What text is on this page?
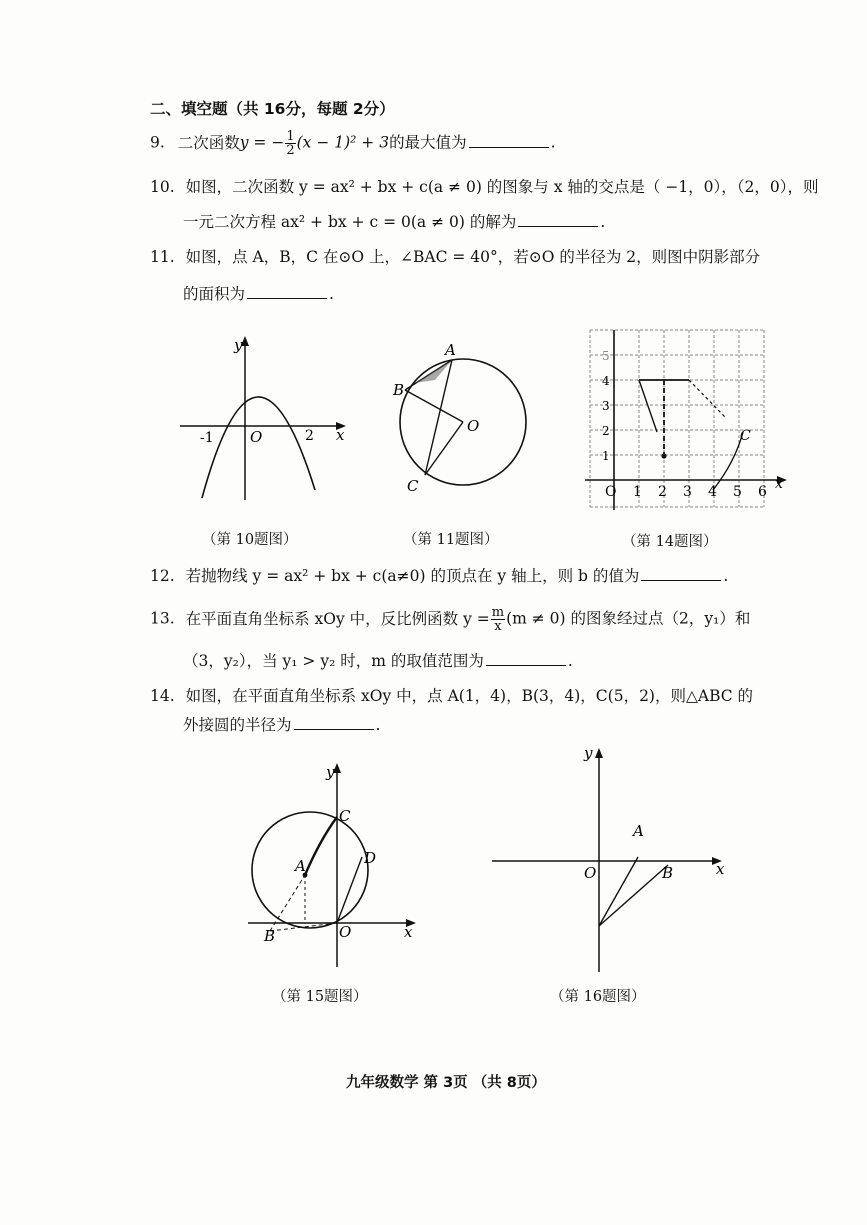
二、填空题（共 16分，每题 2分）
9. 二次函数y = − $\frac{1}{2} (x - 1)^2 + 3$的最大值为	.
10. 如图，二次函数 y = ax² + bx + c(a ≠ 0) 的图象与 x 轴的交点是（ −1，0），（2，0），则
一元二次方程 ax² + bx + c = 0(a ≠ 0) 的解为	.
11. 如图，点 A，B，C 在⊙O 上，∠BAC = 40°，若⊙O 的半径为 2，则图中阴影部分
的面积为	.
y
x
O
-1	2
（第 10题图）
A
B
C
O
（第 11题图）
O 1 2 3 4 5 6 x
1
2
3
4
5
C
（第 14题图）
12. 若抛物线 y = ax² + bx + c(a≠0) 的顶点在 y 轴上，则 b 的值为	.
13. 在平面直角坐标系 xOy 中，反比例函数 $y = \frac{m}{x} (m \ne 0)$ 的图象经过点（2，y₁）和
（3，y₂），当 y₁ > y₂ 时，m 的取值范围为	.
14. 如图，在平面直角坐标系 xOy 中，点 A(1，4)，B(3，4)，C(5，2)，则△ABC 的
外接圆的半径为	.
y
x
O
A
B
C
D
（第 15题图）
y
x
O
A
B
（第 16题图）
九年级数学 第 3页 （共 8页）
